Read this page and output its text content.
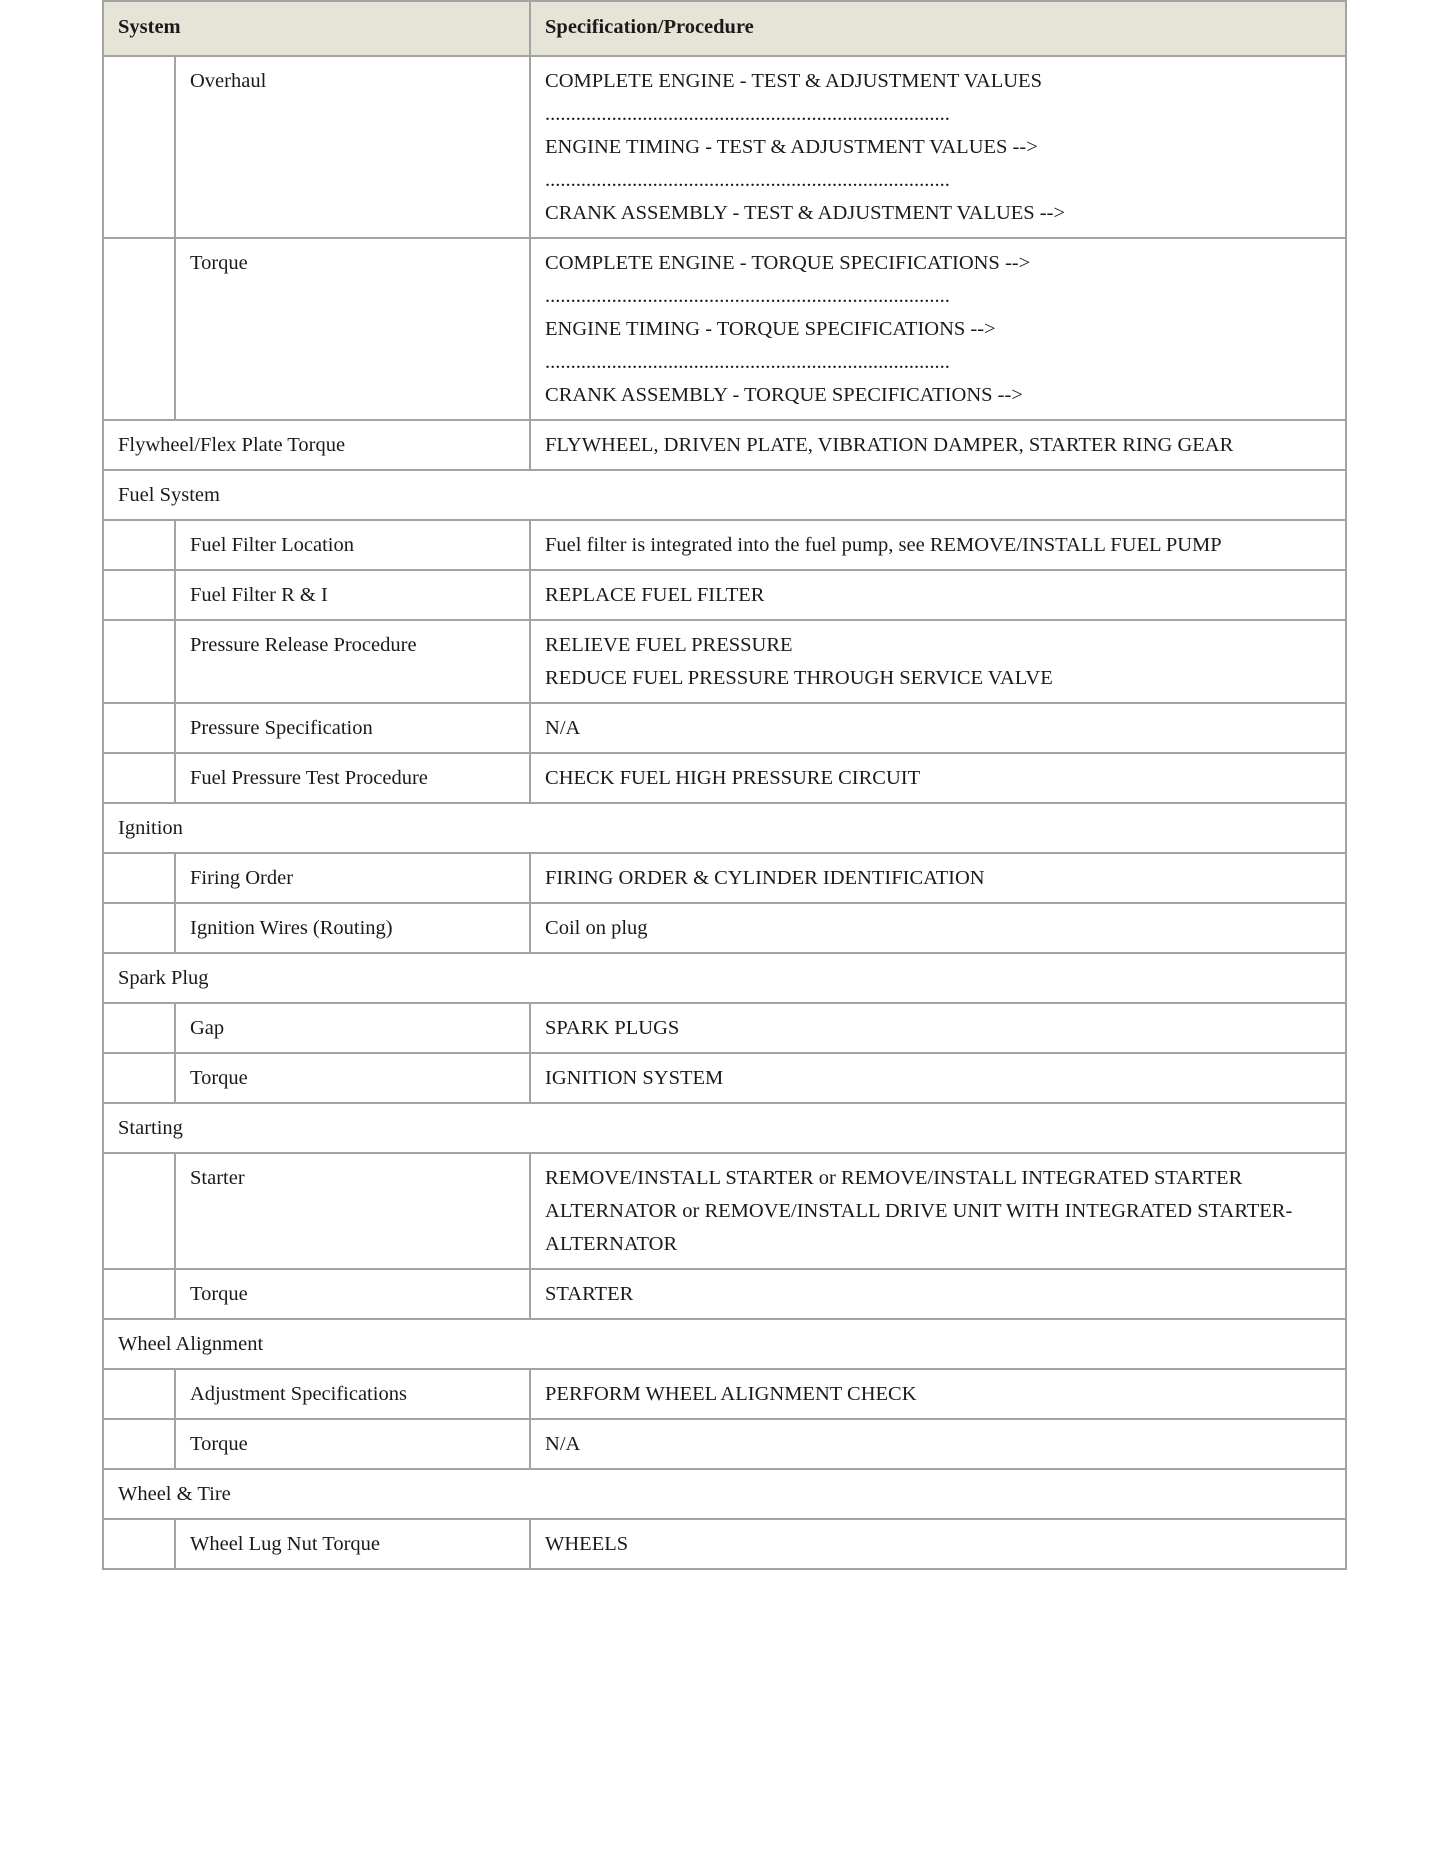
System		Specification/Procedure
	Overhaul	COMPLETE ENGINE - TEST & ADJUSTMENT VALUES
...............................................................................
ENGINE TIMING - TEST & ADJUSTMENT VALUES -->
...............................................................................
CRANK ASSEMBLY - TEST & ADJUSTMENT VALUES -->

	Torque	COMPLETE ENGINE - TORQUE SPECIFICATIONS -->
...............................................................................
ENGINE TIMING - TORQUE SPECIFICATIONS -->
...............................................................................
CRANK ASSEMBLY - TORQUE SPECIFICATIONS -->

Flywheel/Flex Plate Torque		FLYWHEEL, DRIVEN PLATE, VIBRATION DAMPER, STARTER RING GEAR

Fuel System		
	Fuel Filter Location	Fuel filter is integrated into the fuel pump, see REMOVE/INSTALL FUEL PUMP

	Fuel Filter R & I	REPLACE FUEL FILTER

	Pressure Release Procedure	RELIEVE FUEL PRESSURE
REDUCE FUEL PRESSURE THROUGH SERVICE VALVE

	Pressure Specification	N/A

	Fuel Pressure Test Procedure	CHECK FUEL HIGH PRESSURE CIRCUIT

Ignition		
	Firing Order	FIRING ORDER & CYLINDER IDENTIFICATION

	Ignition Wires (Routing)	Coil on plug

Spark Plug		
	Gap	SPARK PLUGS

	Torque	IGNITION SYSTEM

Starting		
	Starter	REMOVE/INSTALL STARTER or REMOVE/INSTALL INTEGRATED STARTER ALTERNATOR or REMOVE/INSTALL DRIVE UNIT WITH INTEGRATED STARTER-ALTERNATOR

	Torque	STARTER

Wheel Alignment		
	Adjustment Specifications	PERFORM WHEEL ALIGNMENT CHECK

	Torque	N/A

Wheel & Tire		
	Wheel Lug Nut Torque	WHEELS
